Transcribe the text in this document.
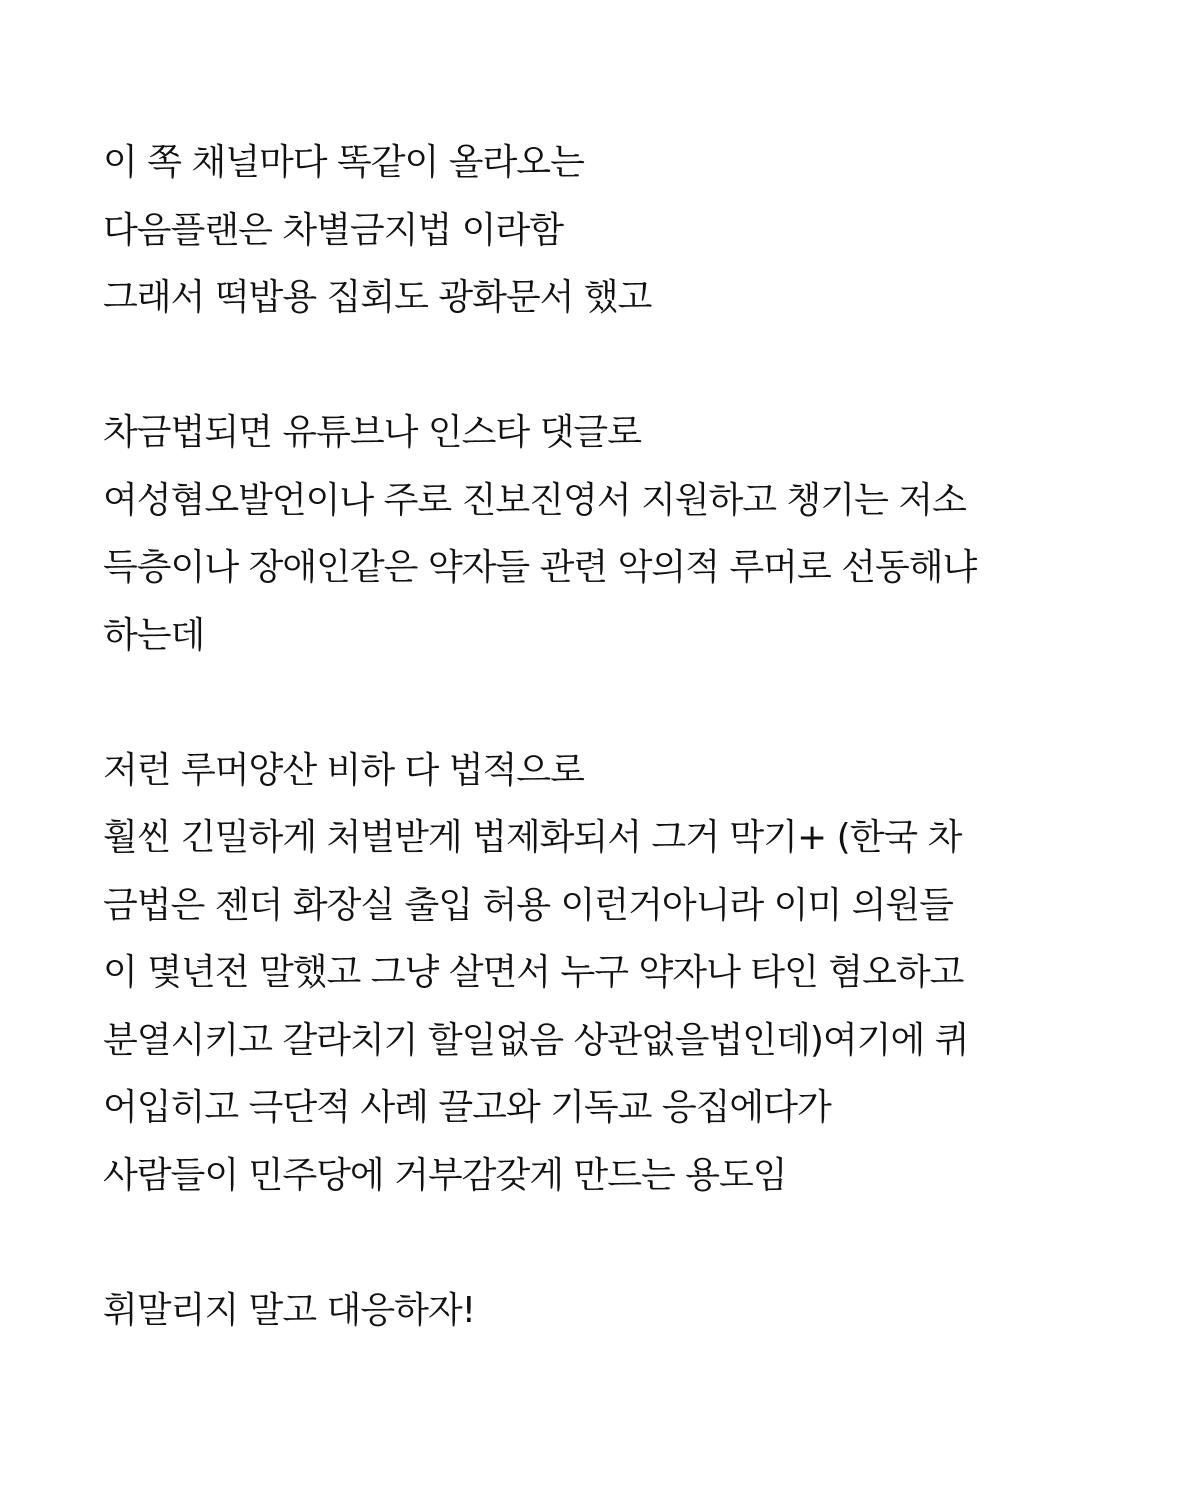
이 쪽 채널마다 똑같이 올라오는
다음플랜은 차별금지법 이라함
그래서 떡밥용 집회도 광화문서 했고
차금법되면 유튜브나 인스타 댓글로
여성혐오발언이나 주로 진보진영서 지원하고 챙기는 저소
득층이나 장애인같은 약자들 관련 악의적 루머로 선동해냐
하는데
저런 루머양산 비하 다 법적으로
훨씬 긴밀하게 처벌받게 법제화되서 그거 막기+ (한국 차
금법은 젠더 화장실 출입 허용 이런거아니라 이미 의원들
이 몇년전 말했고 그냥 살면서 누구 약자나 타인 혐오하고
분열시키고 갈라치기 할일없음 상관없을법인데)여기에 퀴
어입히고 극단적 사례 끌고와 기독교 응집에다가
사람들이 민주당에 거부감갖게 만드는 용도임
휘말리지 말고 대응하자!
